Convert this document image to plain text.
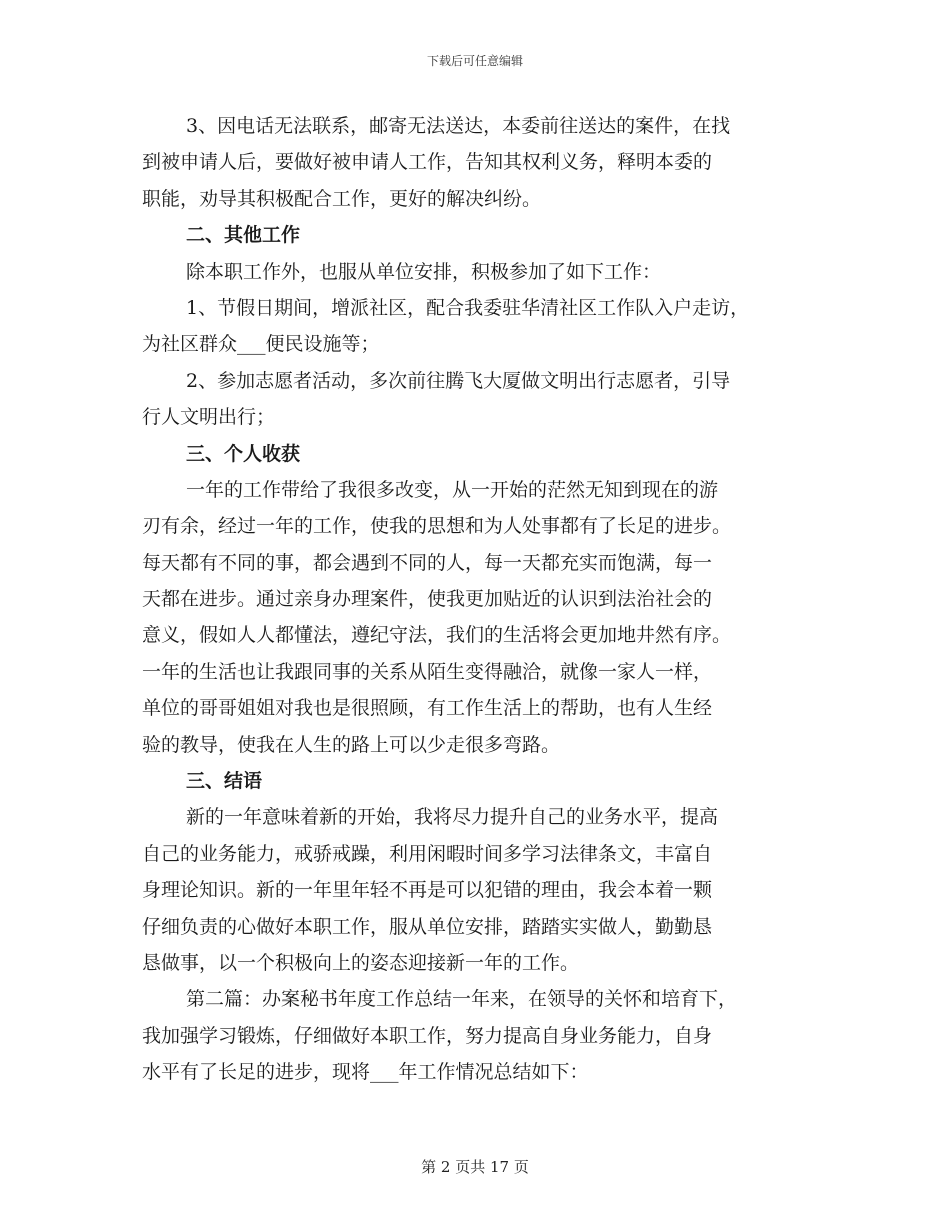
下载后可任意编辑
3、因电话无法联系，邮寄无法送达，本委前往送达的案件，在找
到被申请人后，要做好被申请人工作，告知其权利义务，释明本委的
职能，劝导其积极配合工作，更好的解决纠纷。
二、其他工作
除本职工作外，也服从单位安排，积极参加了如下工作：
1、节假日期间，增派社区，配合我委驻华清社区工作队入户走访，
为社区群众___便民设施等；
2、参加志愿者活动，多次前往腾飞大厦做文明出行志愿者，引导
行人文明出行；
三、个人收获
一年的工作带给了我很多改变，从一开始的茫然无知到现在的游
刃有余，经过一年的工作，使我的思想和为人处事都有了长足的进步。
每天都有不同的事，都会遇到不同的人，每一天都充实而饱满，每一
天都在进步。通过亲身办理案件，使我更加贴近的认识到法治社会的
意义，假如人人都懂法，遵纪守法，我们的生活将会更加地井然有序。
一年的生活也让我跟同事的关系从陌生变得融洽，就像一家人一样，
单位的哥哥姐姐对我也是很照顾，有工作生活上的帮助，也有人生经
验的教导，使我在人生的路上可以少走很多弯路。
三、结语
新的一年意味着新的开始，我将尽力提升自己的业务水平，提高
自己的业务能力，戒骄戒躁，利用闲暇时间多学习法律条文，丰富自
身理论知识。新的一年里年轻不再是可以犯错的理由，我会本着一颗
仔细负责的心做好本职工作，服从单位安排，踏踏实实做人，勤勤恳
恳做事，以一个积极向上的姿态迎接新一年的工作。
第二篇：办案秘书年度工作总结一年来，在领导的关怀和培育下，
我加强学习锻炼，仔细做好本职工作，努力提高自身业务能力，自身
水平有了长足的进步，现将___年工作情况总结如下：
第 2 页共 17 页
